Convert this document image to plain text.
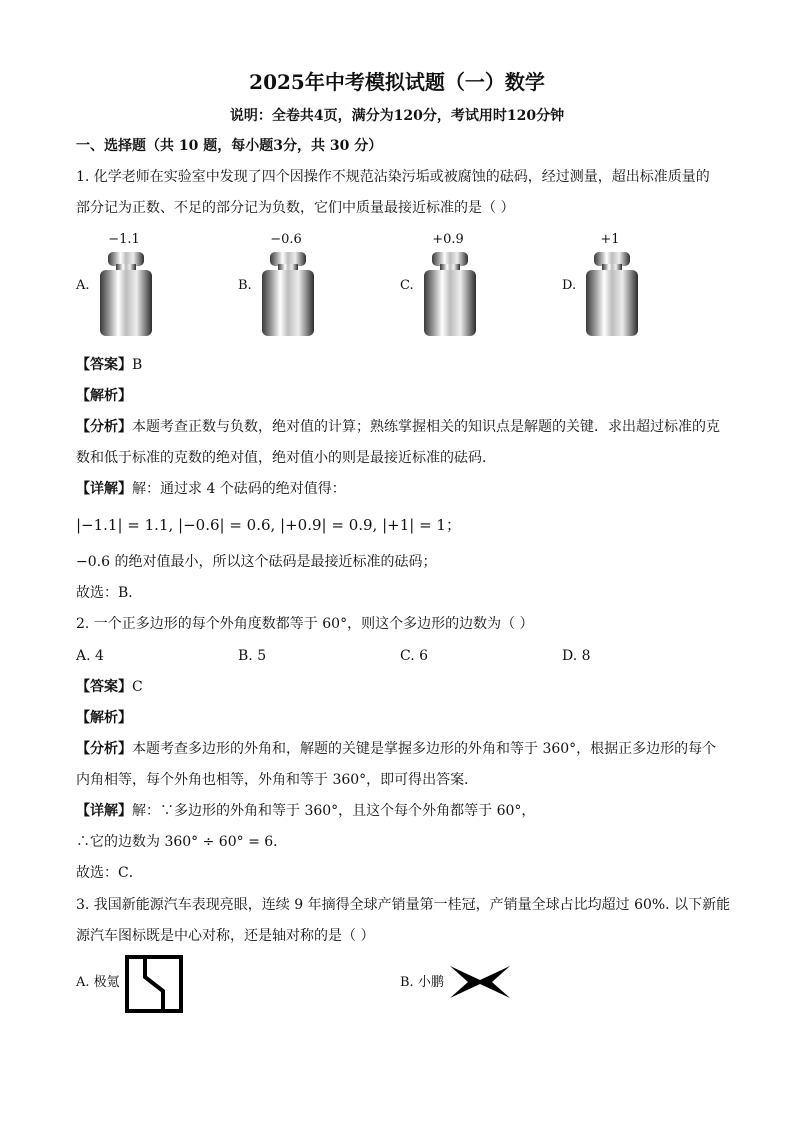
2025年中考模拟试题（一）数学
说明：全卷共4页，满分为120分，考试用时120分钟
一、选择题（共 10 题，每小题3分，共 30 分）
1. 化学老师在实验室中发现了四个因操作不规范沾染污垢或被腐蚀的砝码，经过测量，超出标准质量的
部分记为正数、不足的部分记为负数，它们中质量最接近标准的是（ ）
A.
−1.1
B.
−0.6
C.
+0.9
D.
+1
【答案】B
【解析】
【分析】本题考查正数与负数，绝对值的计算；熟练掌握相关的知识点是解题的关键．求出超过标准的克
数和低于标准的克数的绝对值，绝对值小的则是最接近标准的砝码．
【详解】解：通过求 4 个砝码的绝对值得：
|−1.1| = 1.1, |−0.6| = 0.6, |+0.9| = 0.9, |+1| = 1；
−0.6 的绝对值最小，所以这个砝码是最接近标准的砝码；
故选：B．
2. 一个正多边形的每个外角度数都等于 60°，则这个多边形的边数为（ ）
A. 4	B. 5	C. 6	D. 8
【答案】C
【解析】
【分析】本题考查多边形的外角和，解题的关键是掌握多边形的外角和等于 360°，根据正多边形的每个
内角相等，每个外角也相等，外角和等于 360°，即可得出答案．
【详解】解：∵多边形的外角和等于 360°，且这个每个外角都等于 60°，
∴它的边数为 360° ÷ 60° = 6．
故选：C．
3. 我国新能源汽车表现亮眼，连续 9 年摘得全球产销量第一桂冠，产销量全球占比均超过 60%. 以下新能
源汽车图标既是中心对称，还是轴对称的是（ ）
A. 极氪	B. 小鹏
